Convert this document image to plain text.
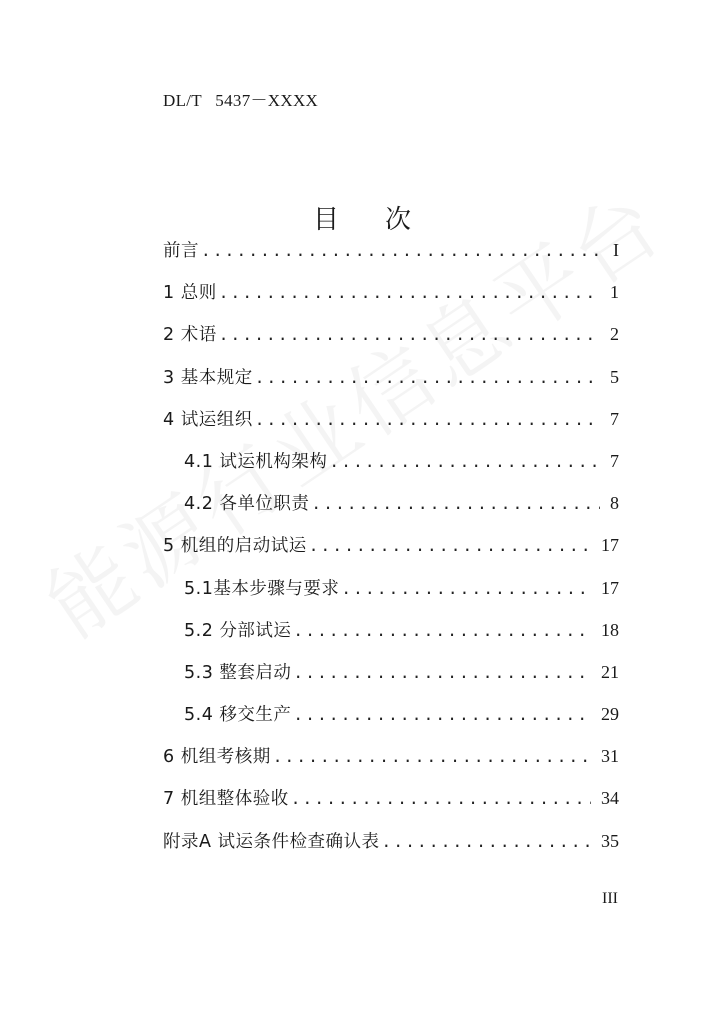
DL/T   5437－XXXX
目 次
前言 .....	I
1 总则 .....	1
2 术语 .....	2
3 基本规定 .....	5
4 试运组织 .....	7
4.1 试运机构架构 .....	7
4.2 各单位职责 .....	8
5 机组的启动试运 .....	17
5.1基本步骤与要求 .....	17
5.2 分部试运 .....	18
5.3 整套启动 .....	21
5.4 移交生产 .....	29
6 机组考核期 .....	31
7 机组整体验收 .....	34
附录A 试运条件检查确认表 .....	35
III
